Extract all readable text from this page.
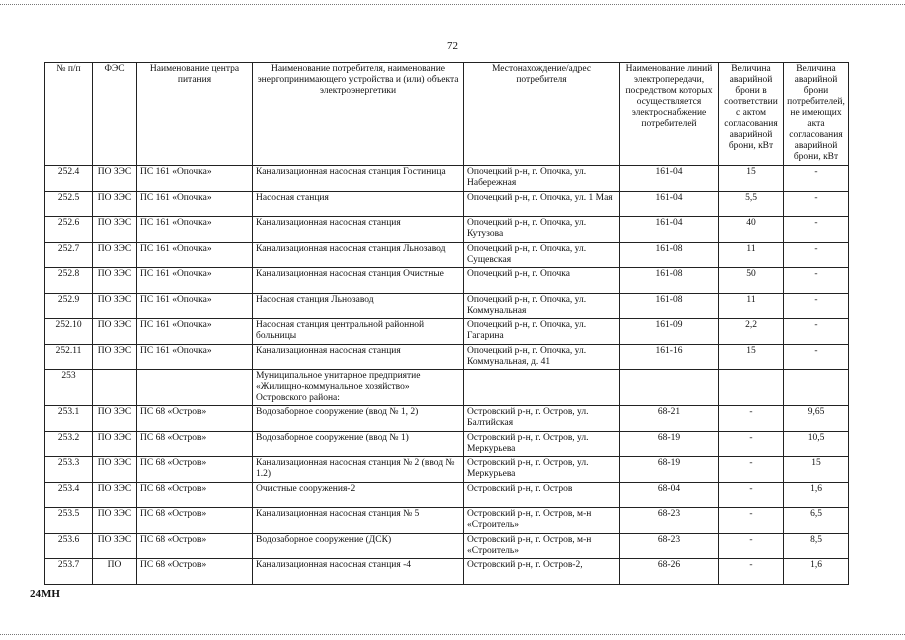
72
№ п/п	ФЭС	Наименование центра питания	Наименование потребителя, наименование энергопринимающего устройства и (или) объекта электроэнергетики	Местонахождение/адрес потребителя	Наименование линий электропередачи, посредством которых осуществляется электроснабжение потребителей	Величина аварийной брони в соответствии с актом согласования аварийной брони, кВт	Величина аварийной брони потребителей, не имеющих акта согласования аварийной брони, кВт
252.4	ПО ЗЭС	ПС 161 «Опочка»	Канализационная насосная станция Гостиница	Опочецкий р-н, г. Опочка, ул. Набережная	161-04	15	-
252.5	ПО ЗЭС	ПС 161 «Опочка»	Насосная станция	Опочецкий р-н, г. Опочка, ул. 1 Мая	161-04	5,5	-
252.6	ПО ЗЭС	ПС 161 «Опочка»	Канализационная насосная станция	Опочецкий р-н, г. Опочка, ул. Кутузова	161-04	40	-
252.7	ПО ЗЭС	ПС 161 «Опочка»	Канализационная насосная станция Льнозавод	Опочецкий р-н, г. Опочка, ул. Сущевская	161-08	11	-
252.8	ПО ЗЭС	ПС 161 «Опочка»	Канализационная насосная станция Очистные	Опочецкий р-н, г. Опочка	161-08	50	-
252.9	ПО ЗЭС	ПС 161 «Опочка»	Насосная станция Льнозавод	Опочецкий р-н, г. Опочка, ул. Коммунальная	161-08	11	-
252.10	ПО ЗЭС	ПС 161 «Опочка»	Насосная станция центральной районной больницы	Опочецкий р-н, г. Опочка, ул. Гагарина	161-09	2,2	-
252.11	ПО ЗЭС	ПС 161 «Опочка»	Канализационная насосная станция	Опочецкий р-н, г. Опочка, ул. Коммунальная, д. 41	161-16	15	-
253			Муниципальное унитарное предприятие «Жилищно-коммунальное хозяйство» Островского района:				
253.1	ПО ЗЭС	ПС 68 «Остров»	Водозаборное сооружение (ввод № 1, 2)	Островский р-н, г. Остров, ул. Балтийская	68-21	-	9,65
253.2	ПО ЗЭС	ПС 68 «Остров»	Водозаборное сооружение (ввод № 1)	Островский р-н, г. Остров, ул. Меркурьева	68-19	-	10,5
253.3	ПО ЗЭС	ПС 68 «Остров»	Канализационная насосная станция № 2 (ввод № 1.2)	Островский р-н, г. Остров, ул. Меркурьева	68-19	-	15
253.4	ПО ЗЭС	ПС 68 «Остров»	Очистные сооружения-2	Островский р-н, г. Остров	68-04	-	1,6
253.5	ПО ЗЭС	ПС 68 «Остров»	Канализационная насосная станция № 5	Островский р-н, г. Остров, м-н «Строитель»	68-23	-	6,5
253.6	ПО ЗЭС	ПС 68 «Остров»	Водозаборное сооружение (ДСК)	Островский р-н, г. Остров, м-н «Строитель»	68-23	-	8,5
253.7	ПО	ПС 68 «Остров»	Канализационная насосная станция -4	Островский р-н, г. Остров-2,	68-26	-	1,6
24МН
